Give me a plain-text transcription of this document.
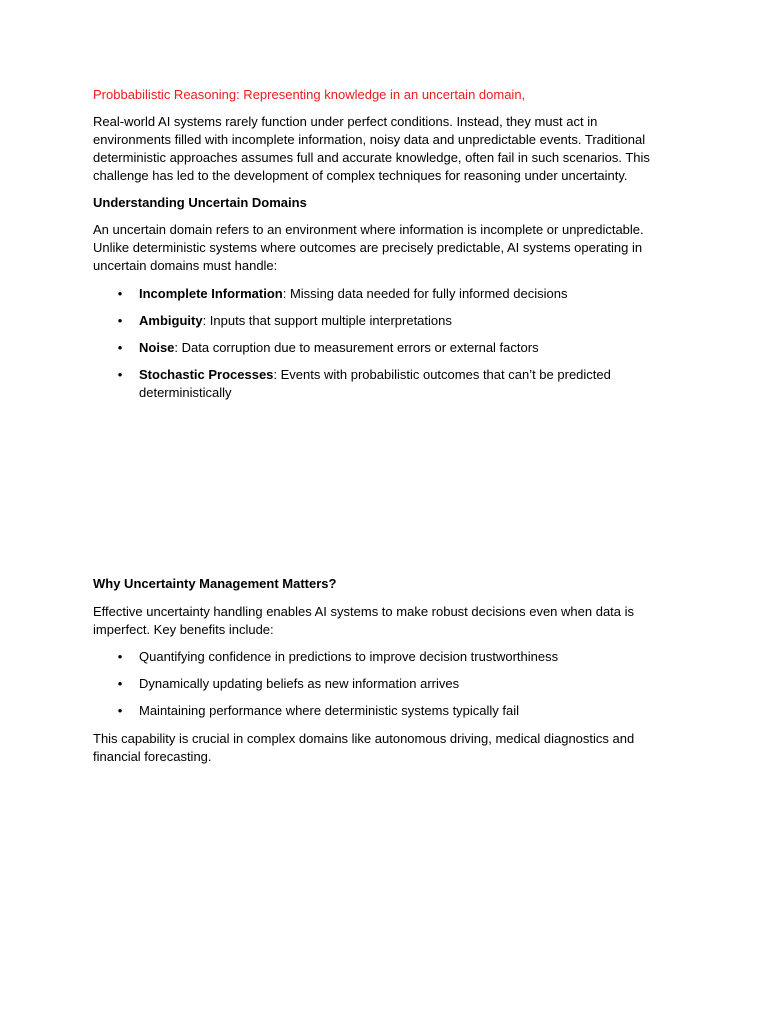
Probbabilistic Reasoning: Representing knowledge in an uncertain domain,

Real-world AI systems rarely function under perfect conditions. Instead, they must act in environments filled with incomplete information, noisy data and unpredictable events. Traditional deterministic approaches assumes full and accurate knowledge, often fail in such scenarios. This challenge has led to the development of complex techniques for reasoning under uncertainty.

Understanding Uncertain Domains

An uncertain domain refers to an environment where information is incomplete or unpredictable. Unlike deterministic systems where outcomes are precisely predictable, AI systems operating in uncertain domains must handle:

• Incomplete Information: Missing data needed for fully informed decisions
• Ambiguity: Inputs that support multiple interpretations
• Noise: Data corruption due to measurement errors or external factors
• Stochastic Processes: Events with probabilistic outcomes that can’t be predicted deterministically

Why Uncertainty Management Matters?

Effective uncertainty handling enables AI systems to make robust decisions even when data is imperfect. Key benefits include:

• Quantifying confidence in predictions to improve decision trustworthiness
• Dynamically updating beliefs as new information arrives
• Maintaining performance where deterministic systems typically fail

This capability is crucial in complex domains like autonomous driving, medical diagnostics and financial forecasting.
